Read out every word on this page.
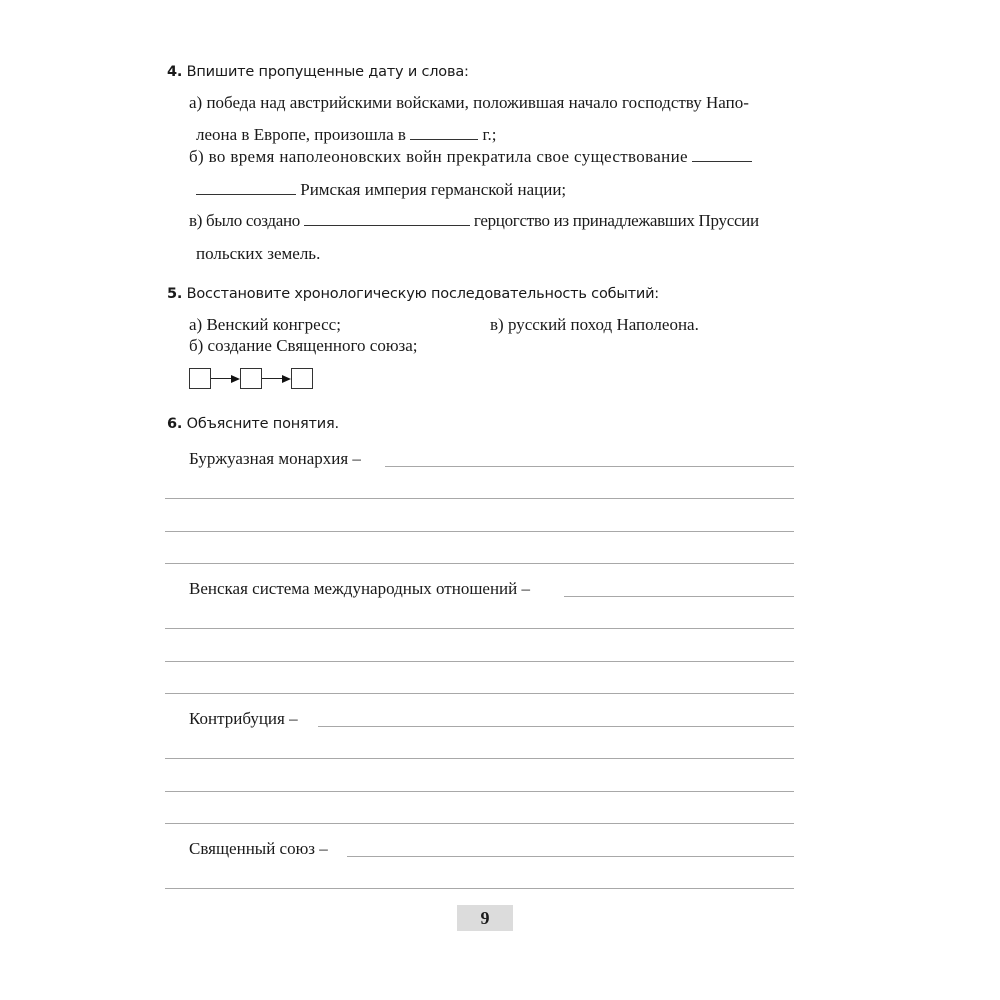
4. Впишите пропущенные дату и слова:
а) победа над австрийскими войсками, положившая начало господству Напо-
леона в Европе, произошла в	г.;
б) во время наполеоновских войн прекратила свое существование
Римская империя германской нации;
в) было создано	герцогство из принадлежавших Пруссии
польских земель.
5. Восстановите хронологическую последовательность событий:
а) Венский конгресс;
б) создание Священного союза;
в) русский поход Наполеона.
6. Объясните понятия.
Буржуазная монархия –
Венская система международных отношений –
Контрибуция –
Священный союз –
9
